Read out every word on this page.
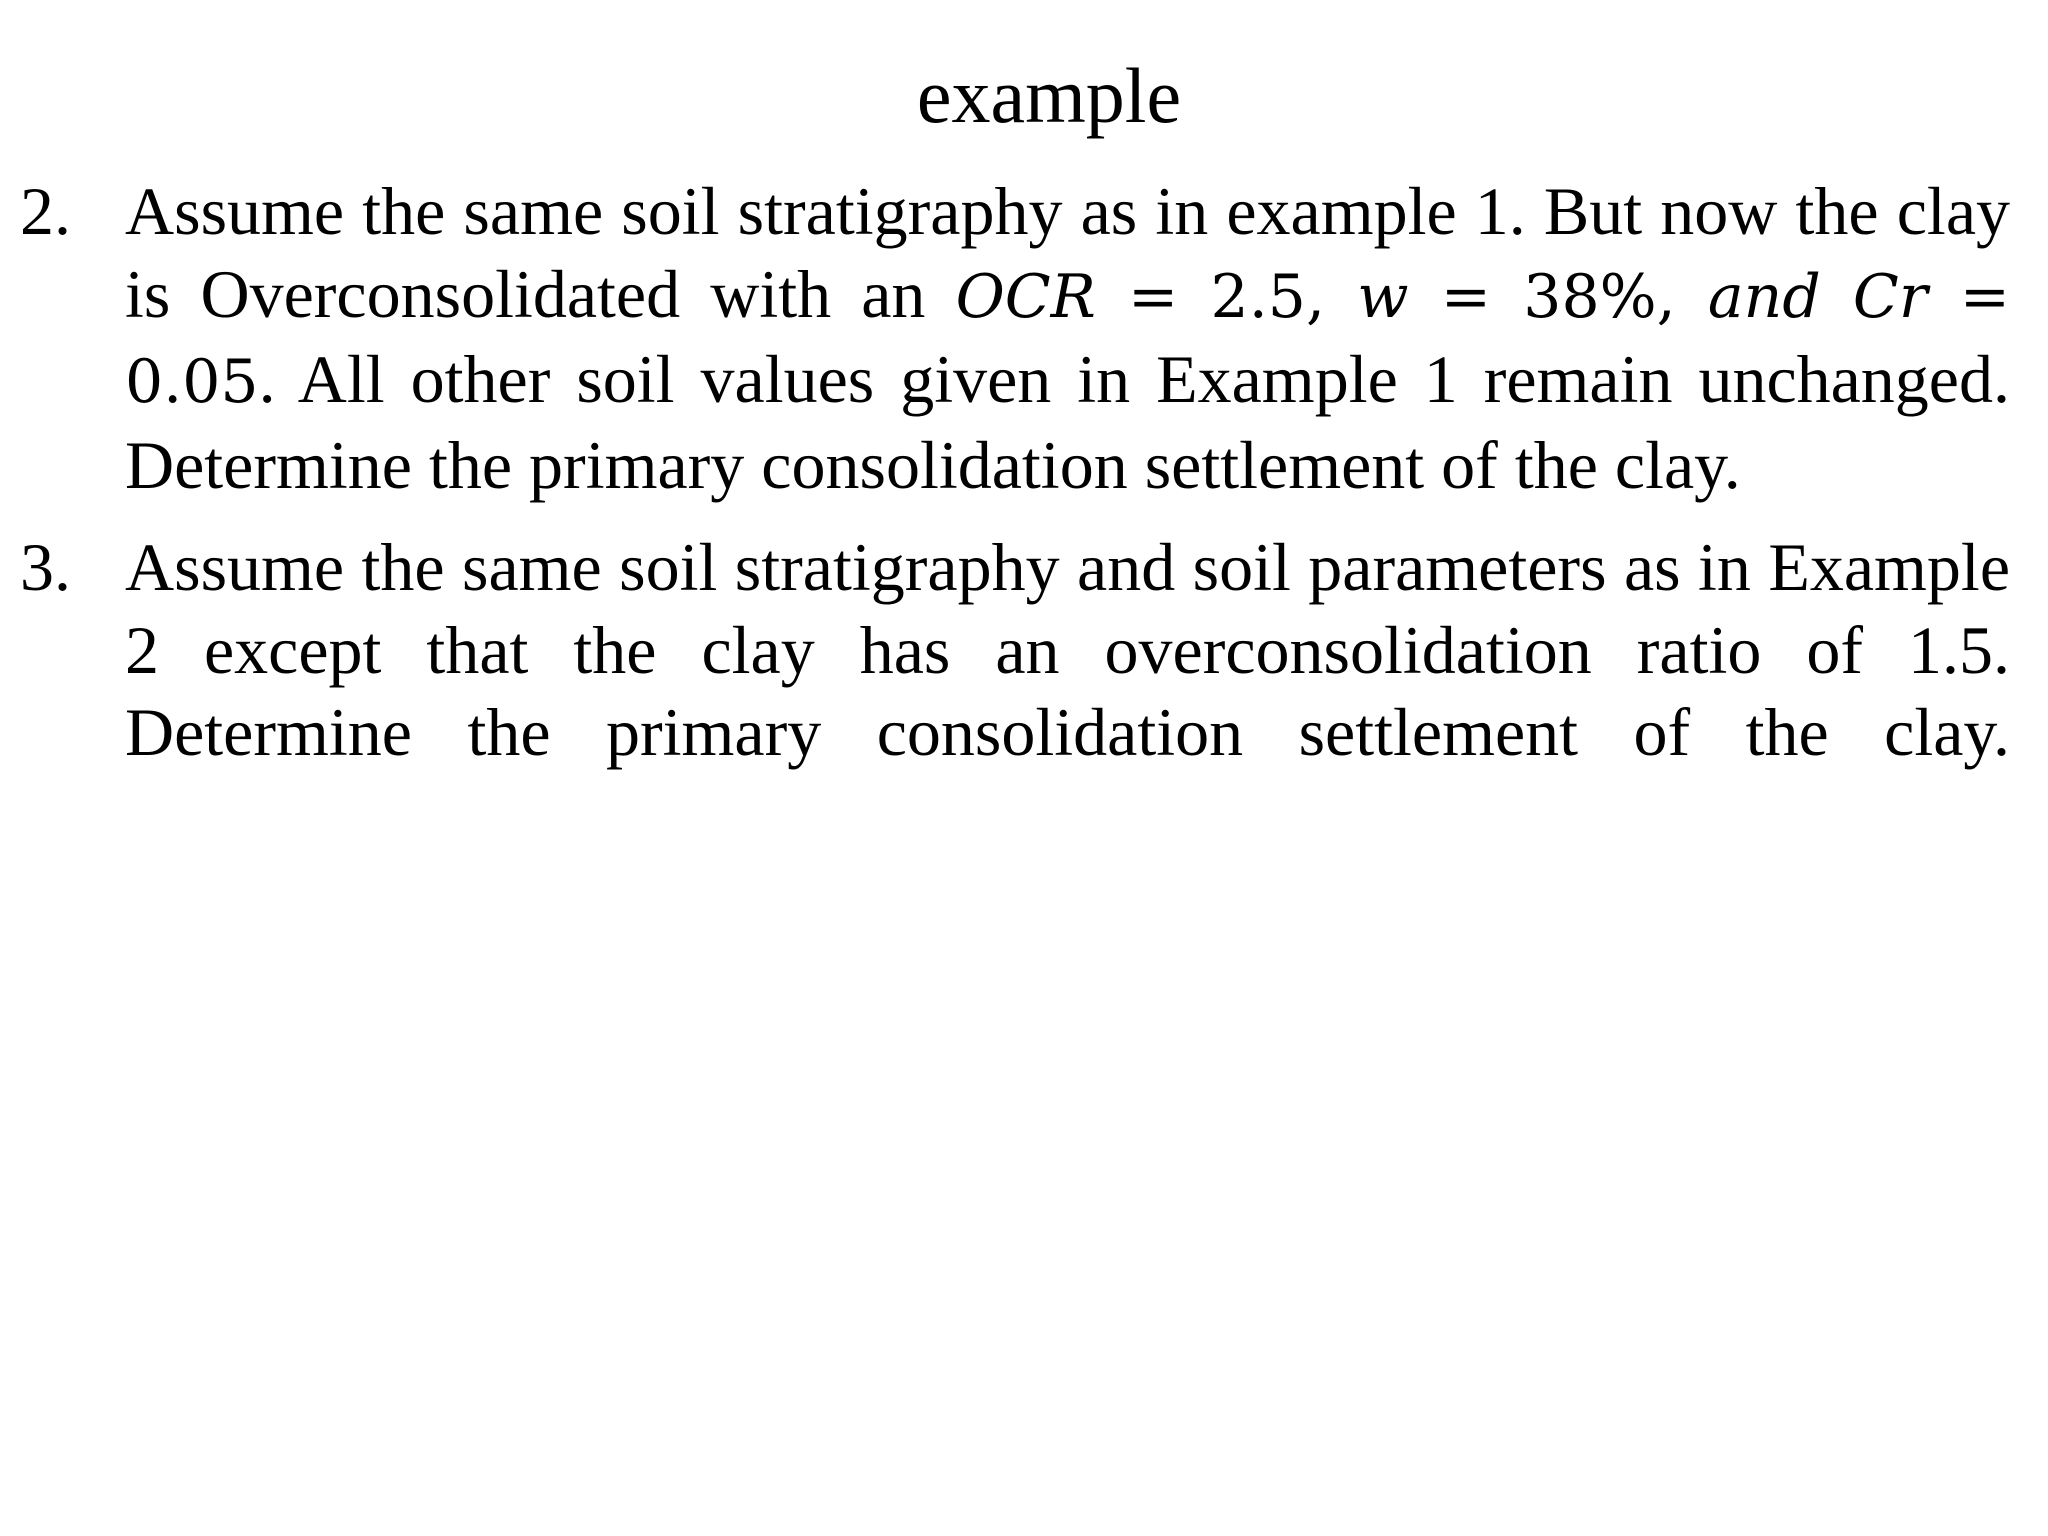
example
2. Assume the same soil stratigraphy as in example 1. But now the clay is Overconsolidated with an OCR = 2.5, w = 38%, and Cr = 0.05. All other soil values given in Example 1 remain unchanged. Determine the primary consolidation settlement of the clay.
3. Assume the same soil stratigraphy and soil parameters as in Example 2 except that the clay has an overconsolidation ratio of 1.5. Determine the primary consolidation settlement of the clay.
